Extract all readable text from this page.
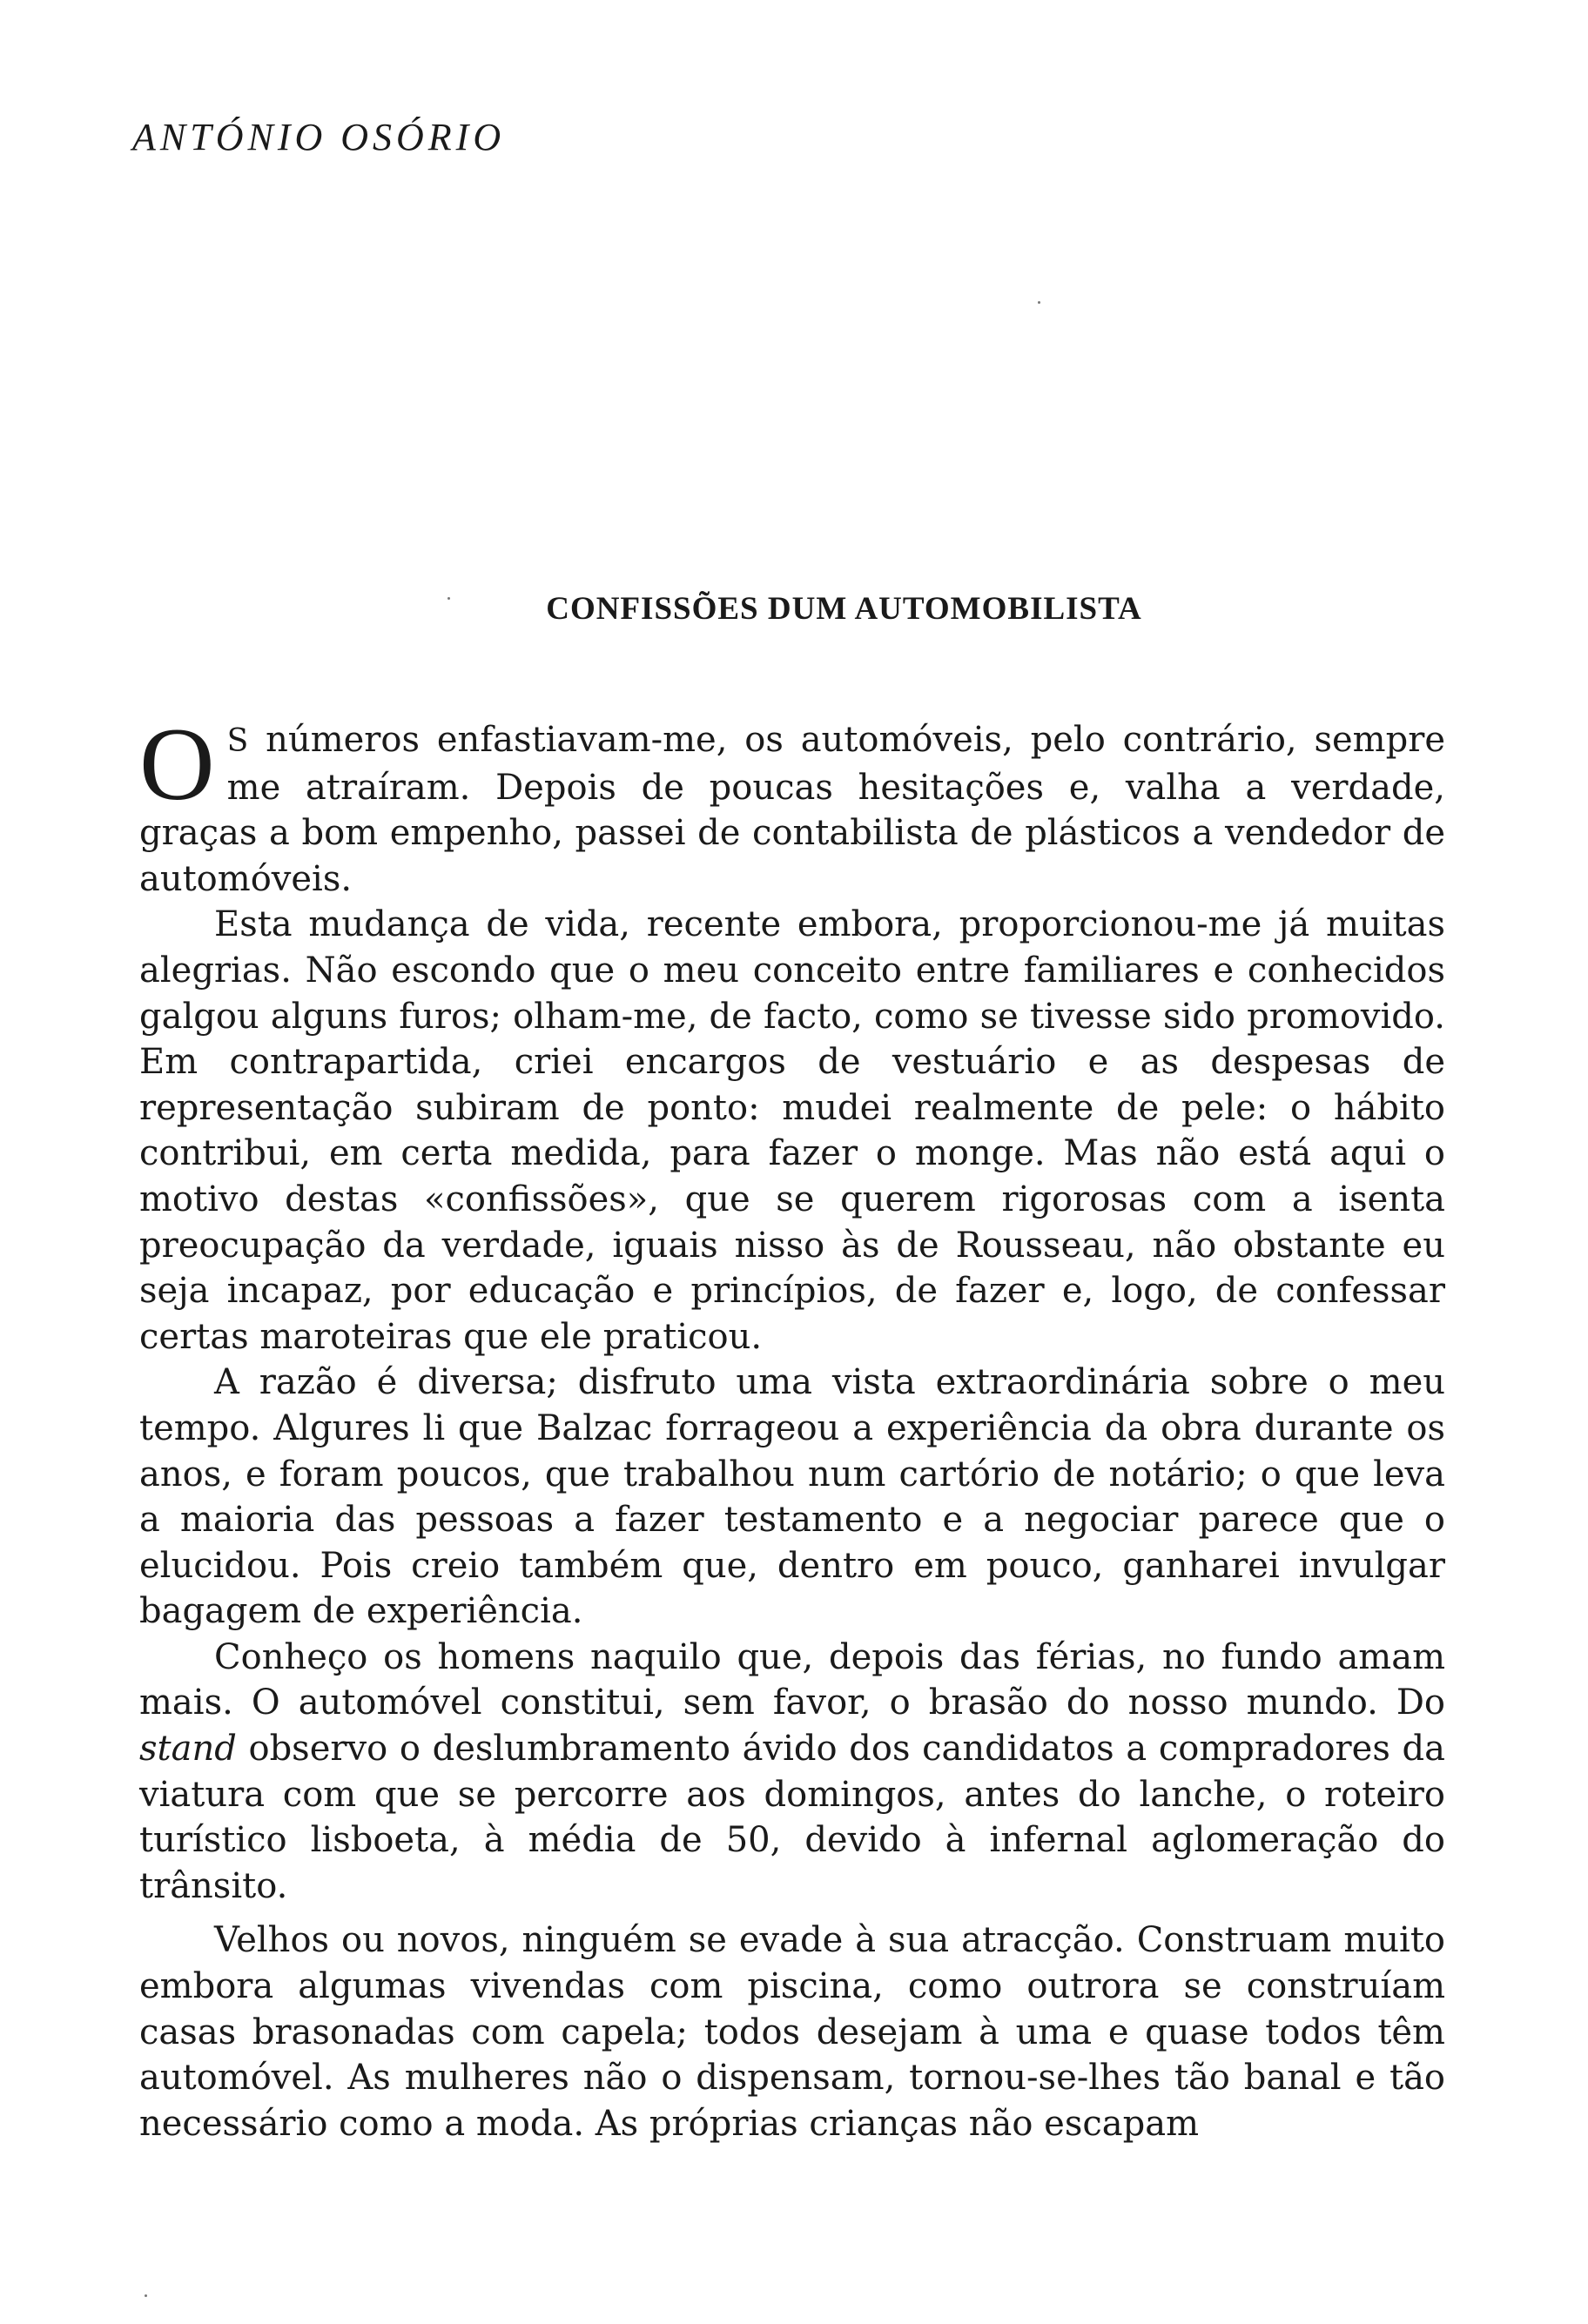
ANTÓNIO OSÓRIO
CONFISSÕES DUM AUTOMOBILISTA

O S números enfastiavam-me, os automóveis, pelo contrário, sempre me atraíram. Depois de poucas hesitações e, valha a verdade, graças a bom empenho, passei de contabilista de plásticos a vendedor de automóveis.

Esta mudança de vida, recente embora, proporcionou-me já muitas alegrias. Não escondo que o meu conceito entre familiares e conhecidos galgou alguns furos; olham-me, de facto, como se tivesse sido promovido. Em contrapartida, criei encargos de vestuário e as despesas de representação subiram de ponto: mudei realmente de pele: o hábito contribui, em certa medida, para fazer o monge. Mas não está aqui o motivo destas «confissões», que se querem rigorosas com a isenta preocupação da verdade, iguais nisso às de Rousseau, não obstante eu seja incapaz, por educação e princípios, de fazer e, logo, de confessar certas maroteiras que ele praticou.

A razão é diversa; disfruto uma vista extraordinária sobre o meu tempo. Algures li que Balzac forrageou a experiência da obra durante os anos, e foram poucos, que trabalhou num cartório de notário; o que leva a maioria das pessoas a fazer testamento e a negociar parece que o elucidou. Pois creio também que, dentro em pouco, ganharei invulgar bagagem de experiência.

Conheço os homens naquilo que, depois das férias, no fundo amam mais. O automóvel constitui, sem favor, o brasão do nosso mundo. Do stand observo o deslumbramento ávido dos candidatos a compradores da viatura com que se percorre aos domingos, antes do lanche, o roteiro turístico lisboeta, à média de 50, devido à infernal aglomeração do trânsito.

Velhos ou novos, ninguém se evade à sua atracção. Construam muito embora algumas vivendas com piscina, como outrora se construíam casas brasonadas com capela; todos desejam à uma e quase todos têm automóvel. As mulheres não o dispensam, tornou-se-lhes tão banal e tão necessário como a moda. As próprias crianças não escapam
